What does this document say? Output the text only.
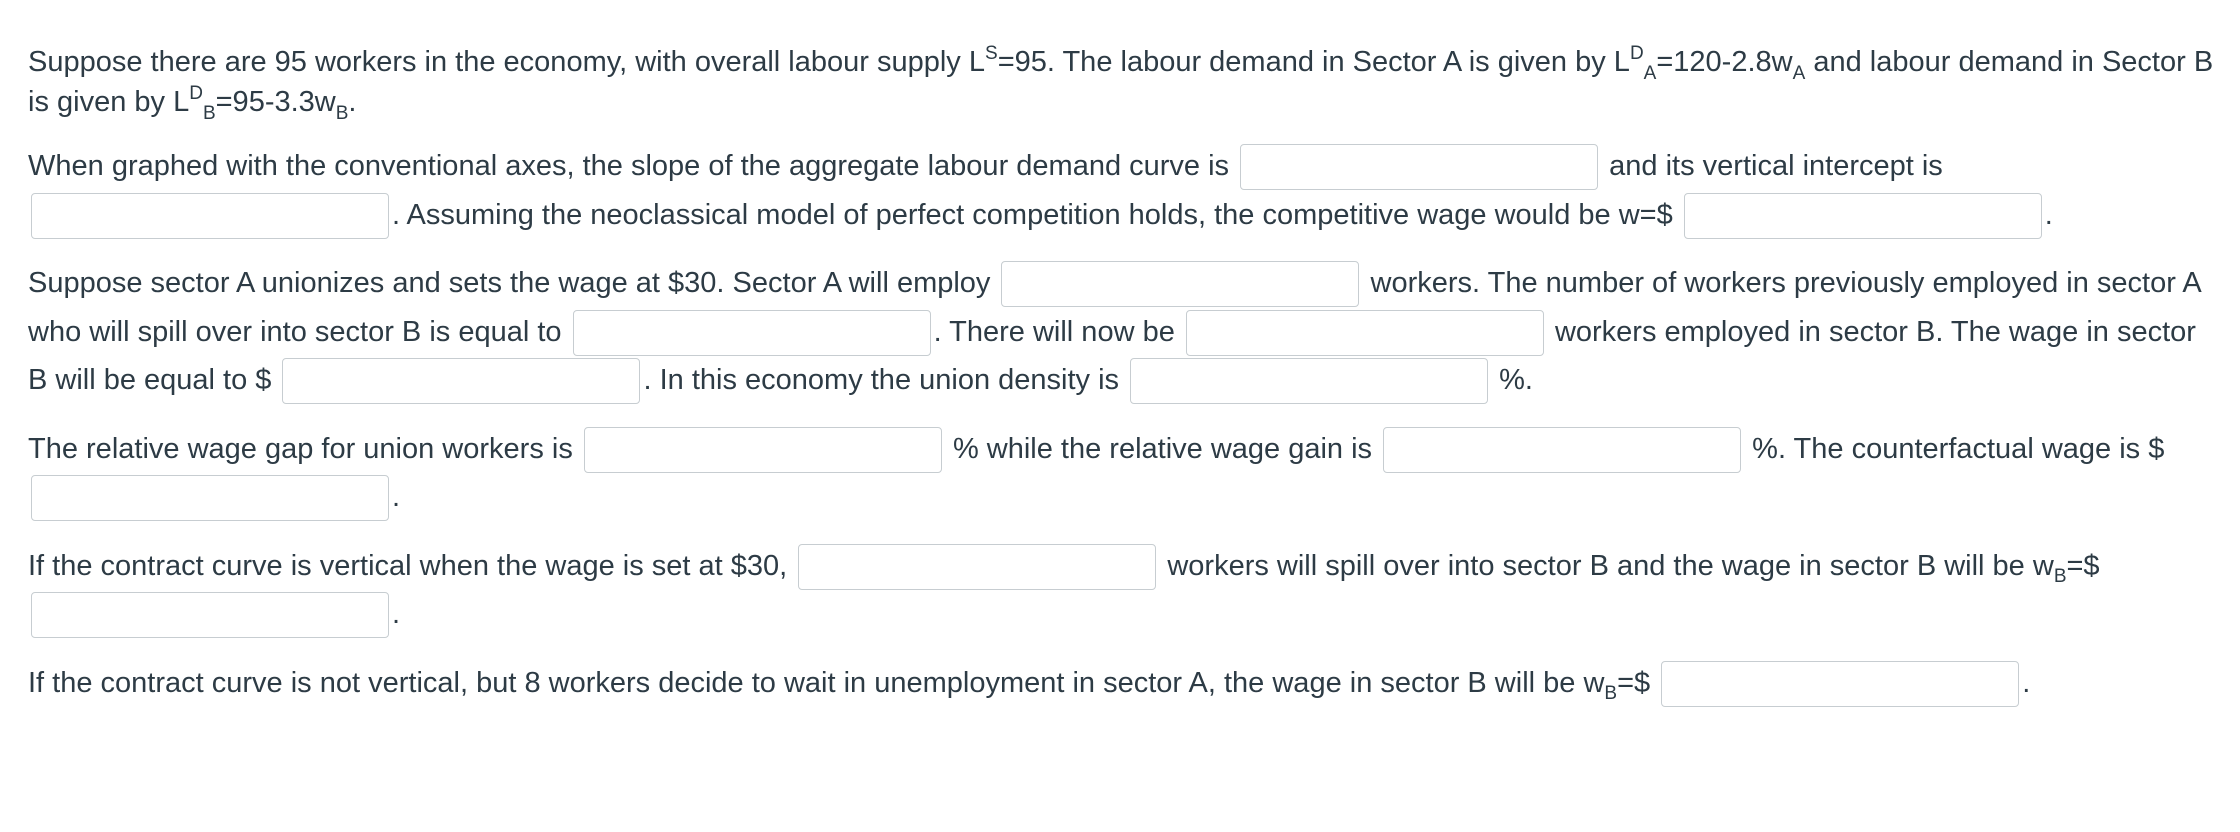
Suppose there are 95 workers in the economy, with overall labour supply $L^S=95$. The labour demand in Sector A is given by $L^D_A=120-2.8w_A$ and labour demand in Sector B is given by $L^D_B=95-3.3w_B$.

When graphed with the conventional axes, the slope of the aggregate labour demand curve is	and its vertical intercept is . Assuming the neoclassical model of perfect competition holds, the competitive wage would be w=$	.

Suppose sector A unionizes and sets the wage at $30. Sector A will employ	workers. The number of workers previously employed in sector A who will spill over into sector B is equal to	. There will now be	workers employed in sector B. The wage in sector B will be equal to $	. In this economy the union density is	%.

The relative wage gap for union workers is	% while the relative wage gain is	%. The counterfactual wage is $ .

If the contract curve is vertical when the wage is set at $30,	workers will spill over into sector B and the wage in sector B will be $w_B=\$$ .

If the contract curve is not vertical, but 8 workers decide to wait in unemployment in sector A, the wage in sector B will be $w_B=\$$	.
